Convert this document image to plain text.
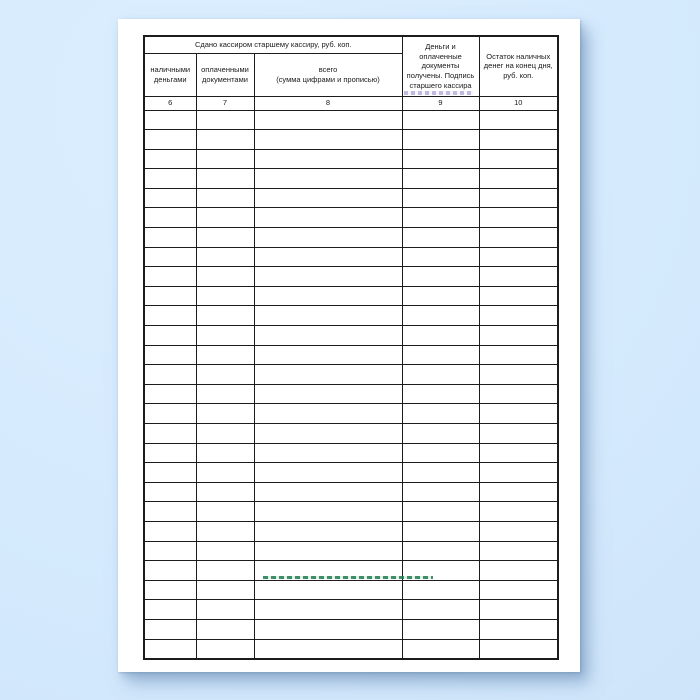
Сдано кассиром старшему кассиру, руб. коп.			Деньги и оплаченные документы получены. Подпись старшего кассира	Остаток наличных денег на конец дня, руб. коп.
наличными деньгами	оплаченными документами	всего
(сумма цифрами и прописью)		

6	7	8	9	10
